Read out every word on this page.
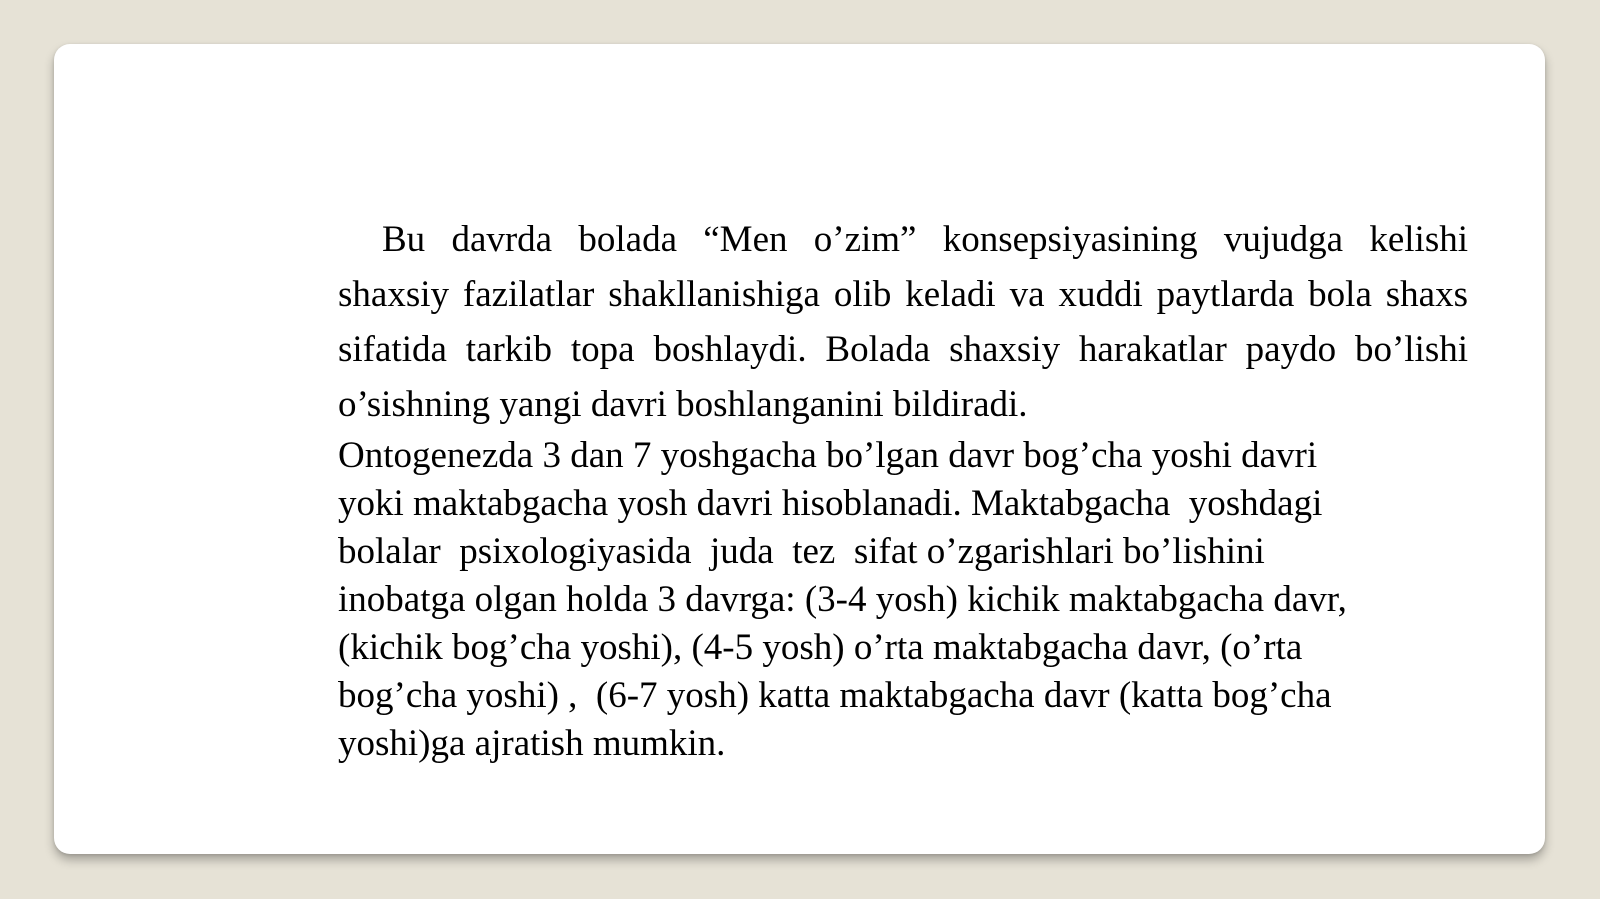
Bu davrda bolada “Men o’zim” konsepsiyasining vujudga kelishi shaxsiy fazilatlar shakllanishiga olib keladi va xuddi paytlarda bola shaxs sifatida tarkib topa boshlaydi. Bolada shaxsiy harakatlar paydo bo’lishi o’sishning yangi davri boshlanganini bildiradi.

Ontogenezda 3 dan 7 yoshgacha bo’lgan davr bog’cha yoshi davri
yoki maktabgacha yosh davri hisoblanadi. Maktabgacha  yoshdagi
bolalar  psixologiyasida  juda  tez  sifat o’zgarishlari bo’lishini
inobatga olgan holda 3 davrga: (3-4 yosh) kichik maktabgacha davr,
(kichik bog’cha yoshi), (4-5 yosh) o’rta maktabgacha davr, (o’rta
bog’cha yoshi) ,  (6-7 yosh) katta maktabgacha davr (katta bog’cha
yoshi)ga ajratish mumkin.
